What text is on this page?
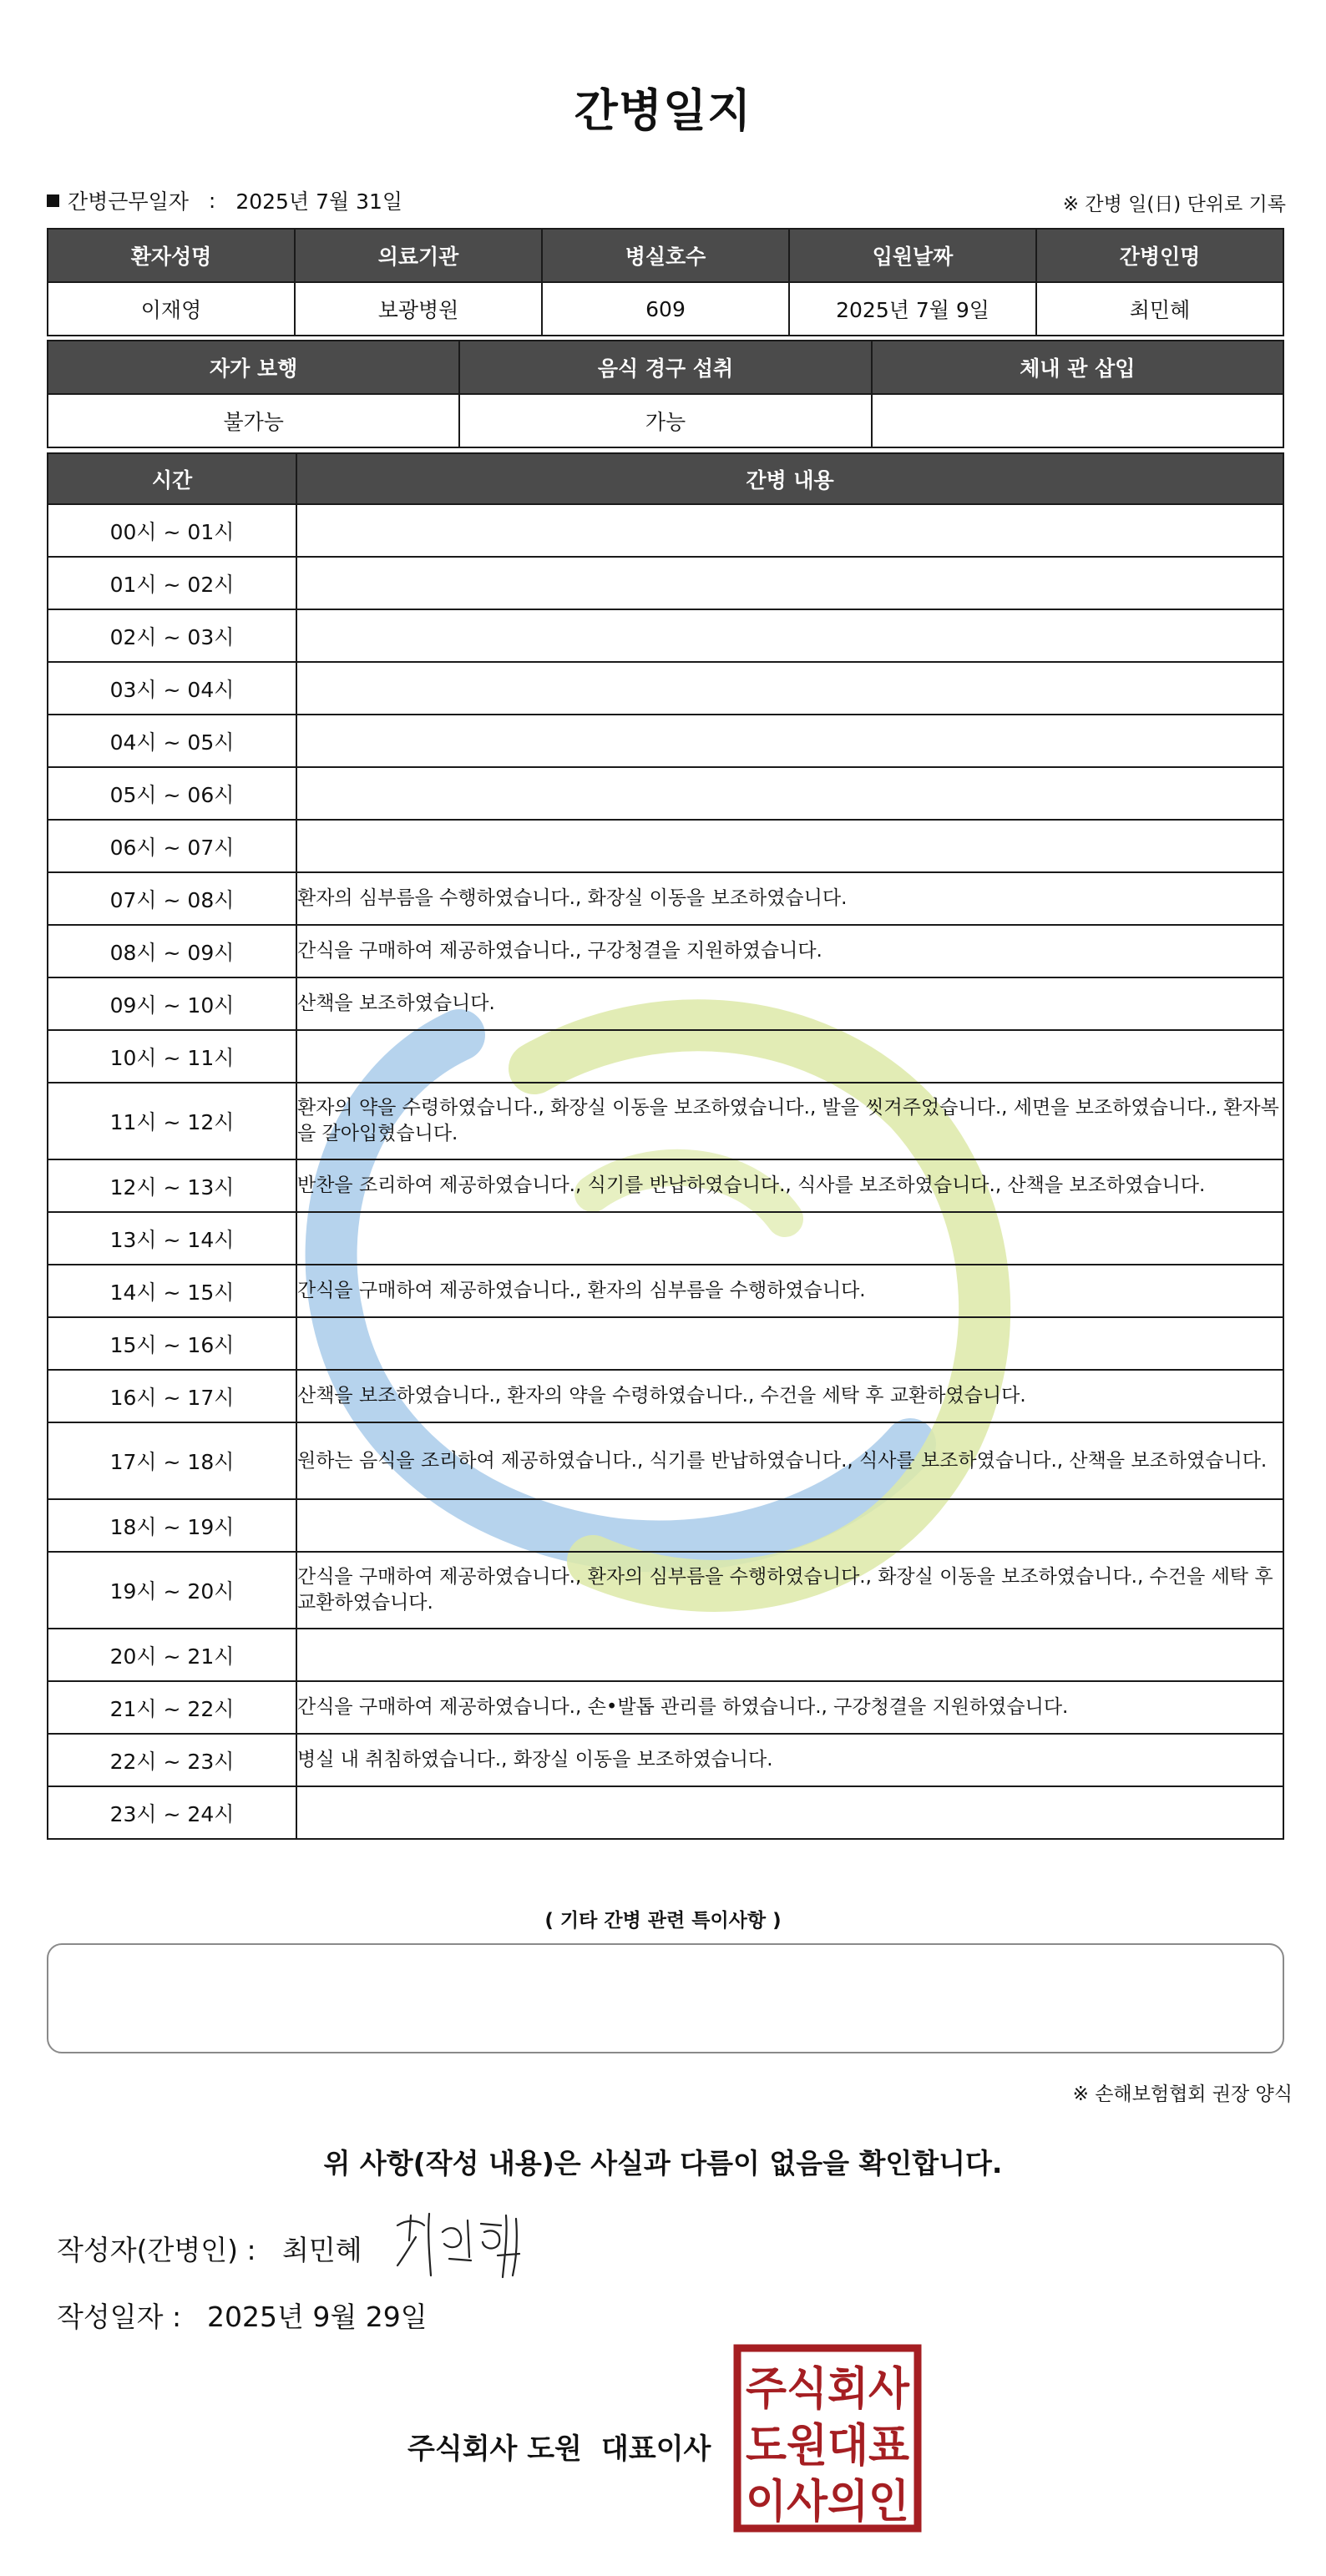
간병일지
간병근무일자 : 2025년 7월 31일	※ 간병 일(日) 단위로 기록
환자성명	의료기관	병실호수	입원날짜	간병인명
이재영	보광병원	609	2025년 7월 9일	최민혜
자가 보행	음식 경구 섭취	체내 관 삽입
불가능	가능	
시간	간병 내용
00시 ~ 01시	
01시 ~ 02시	
02시 ~ 03시	
03시 ~ 04시	
04시 ~ 05시	
05시 ~ 06시	
06시 ~ 07시	
07시 ~ 08시	환자의 심부름을 수행하였습니다., 화장실 이동을 보조하였습니다.
08시 ~ 09시	간식을 구매하여 제공하였습니다., 구강청결을 지원하였습니다.
09시 ~ 10시	산책을 보조하였습니다.
10시 ~ 11시	
11시 ~ 12시	환자의 약을 수령하였습니다., 화장실 이동을 보조하였습니다., 발을 씻겨주었습니다., 세면을 보조하였습니다., 환자복을 갈아입혔습니다.
12시 ~ 13시	반찬을 조리하여 제공하였습니다., 식기를 반납하였습니다., 식사를 보조하였습니다., 산책을 보조하였습니다.
13시 ~ 14시	
14시 ~ 15시	간식을 구매하여 제공하였습니다., 환자의 심부름을 수행하였습니다.
15시 ~ 16시	
16시 ~ 17시	산책을 보조하였습니다., 환자의 약을 수령하였습니다., 수건을 세탁 후 교환하였습니다.
17시 ~ 18시	원하는 음식을 조리하여 제공하였습니다., 식기를 반납하였습니다., 식사를 보조하였습니다., 산책을 보조하였습니다.
18시 ~ 19시	
19시 ~ 20시	간식을 구매하여 제공하였습니다., 환자의 심부름을 수행하였습니다., 화장실 이동을 보조하였습니다., 수건을 세탁 후 교환하였습니다.
20시 ~ 21시	
21시 ~ 22시	간식을 구매하여 제공하였습니다., 손•발톱 관리를 하였습니다., 구강청결을 지원하였습니다.
22시 ~ 23시	병실 내 취침하였습니다., 화장실 이동을 보조하였습니다.
23시 ~ 24시	
( 기타 간병 관련 특이사항 )
※ 손해보험협회 권장 양식
위 사항(작성 내용)은 사실과 다름이 없음을 확인합니다.
작성자(간병인) : 최민혜
작성일자 : 2025년 9월 29일
주식회사 도원 대표이사
주식회사
도원대표
이사의인
